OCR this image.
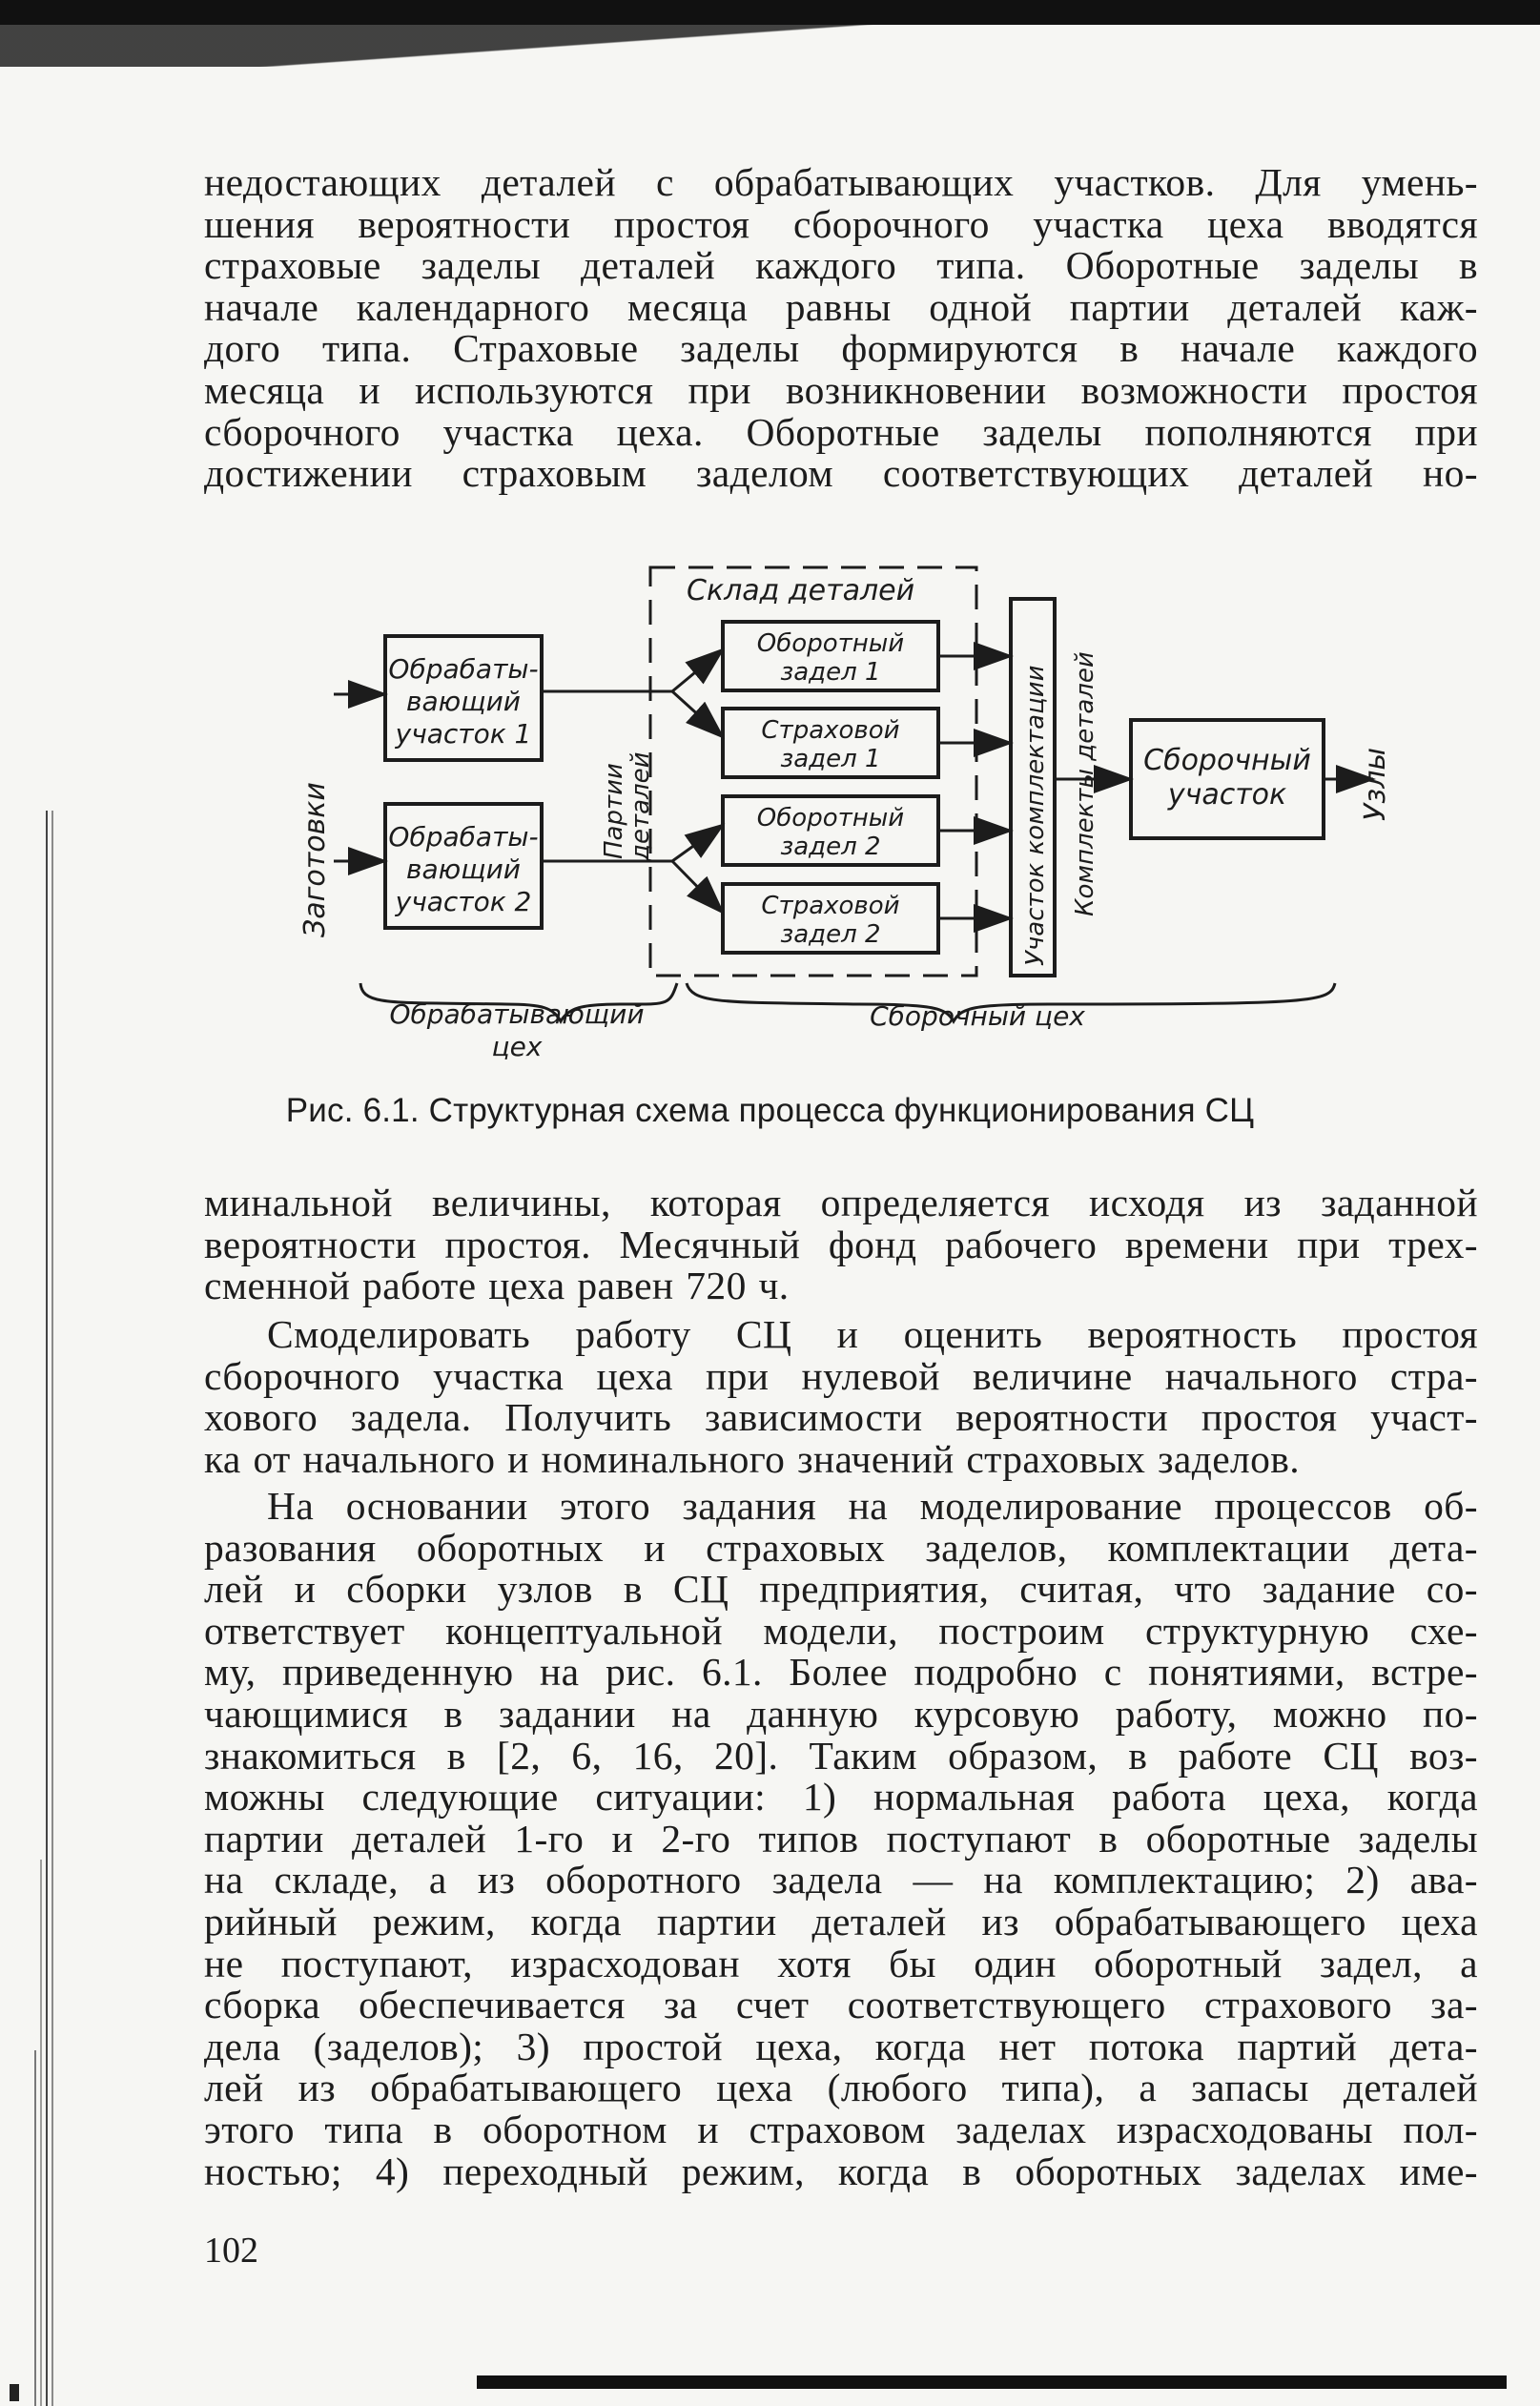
недостающих деталей с обрабатывающих участков. Для умень-
шения вероятности простоя сборочного участка цеха вводятся
страховые заделы деталей каждого типа. Оборотные заделы в
начале календарного месяца равны одной партии деталей каж-
дого типа. Страховые заделы формируются в начале каждого
месяца и используются при возникновении возможности простоя
сборочного участка цеха. Оборотные заделы пополняются при
достижении страховым заделом соответствующих деталей но-
Заготовки
Обрабаты-
вающий
участок 1
Обрабаты-
вающий
участок 2
Партии
деталей
Склад деталей
Оборотный
задел 1
Страховой
задел 1
Оборотный
задел 2
Страховой
задел 2	Участок комплектации Комплекты деталей Сборочный
участок	Узлы
Обрабатывающий
цех
Сборочный цех
Рис. 6.1. Структурная схема процесса функционирования СЦ
минальной величины, которая определяется исходя из заданной
вероятности простоя. Месячный фонд рабочего времени при трех-
сменной работе цеха равен 720 ч.
Смоделировать работу СЦ и оценить вероятность простоя
сборочного участка цеха при нулевой величине начального стра-
хового задела. Получить зависимости вероятности простоя участ-
ка от начального и номинального значений страховых заделов.
На основании этого задания на моделирование процессов об-
разования оборотных и страховых заделов, комплектации дета-
лей и сборки узлов в СЦ предприятия, считая, что задание со-
ответствует концептуальной модели, построим структурную схе-
му, приведенную на рис. 6.1. Более подробно с понятиями, встре-
чающимися в задании на данную курсовую работу, можно по-
знакомиться в [2, 6, 16, 20]. Таким образом, в работе СЦ воз-
можны следующие ситуации: 1) нормальная работа цеха, когда
партии деталей 1-го и 2-го типов поступают в оборотные заделы
на складе, а из оборотного задела — на комплектацию; 2) ава-
рийный режим, когда партии деталей из обрабатывающего цеха
не поступают, израсходован хотя бы один оборотный задел, а
сборка обеспечивается за счет соответствующего страхового за-
дела (заделов); 3) простой цеха, когда нет потока партий дета-
лей из обрабатывающего цеха (любого типа), а запасы деталей
этого типа в оборотном и страховом заделах израсходованы пол-
ностью; 4) переходный режим, когда в оборотных заделах име-
102
